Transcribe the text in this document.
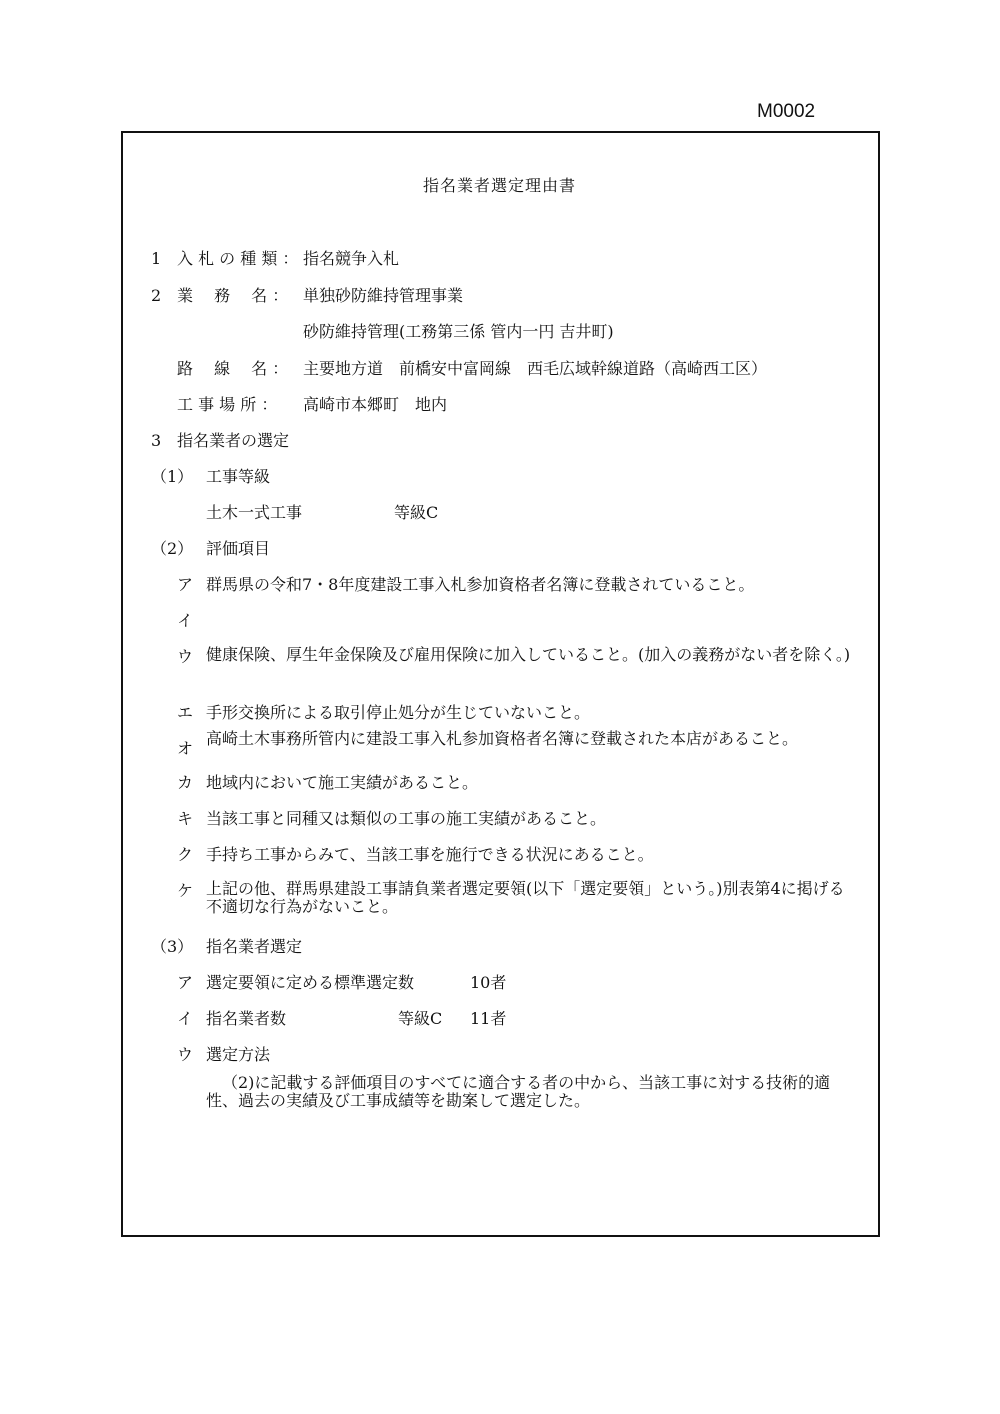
M0002
指名業者選定理由書
1 入 札 の 種 類 ： 指名競争入札
2 業　 務　 名 ： 単独砂防維持管理事業
砂防維持管理(工務第三係 管内一円 吉井町)
路　 線　 名 ： 主要地方道　前橋安中富岡線　西毛広域幹線道路（高崎西工区）
工 事 場 所 ： 高崎市本郷町　地内
3 指名業者の選定
（1） 工事等級
土木一式工事	等級C
（2） 評価項目
ア 群馬県の令和7・8年度建設工事入札参加資格者名簿に登載されていること。
イ
ウ 健康保険、厚生年金保険及び雇用保険に加入していること。(加入の義務がない者を除く。)
エ 手形交換所による取引停止処分が生じていないこと。
オ
高崎土木事務所管内に建設工事入札参加資格者名簿に登載された本店があること。
カ 地域内において施工実績があること。
キ 当該工事と同種又は類似の工事の施工実績があること。
ク 手持ち工事からみて、当該工事を施行できる状況にあること。
ケ 上記の他、群馬県建設工事請負業者選定要領(以下「選定要領」という。)別表第4に掲げる不適切な行為がないこと。
（3） 指名業者選定
ア 選定要領に定める標準選定数	10者
イ 指名業者数	等級C 11者
ウ 選定方法
（2)に記載する評価項目のすべてに適合する者の中から、当該工事に対する技術的適性、過去の実績及び工事成績等を勘案して選定した。
